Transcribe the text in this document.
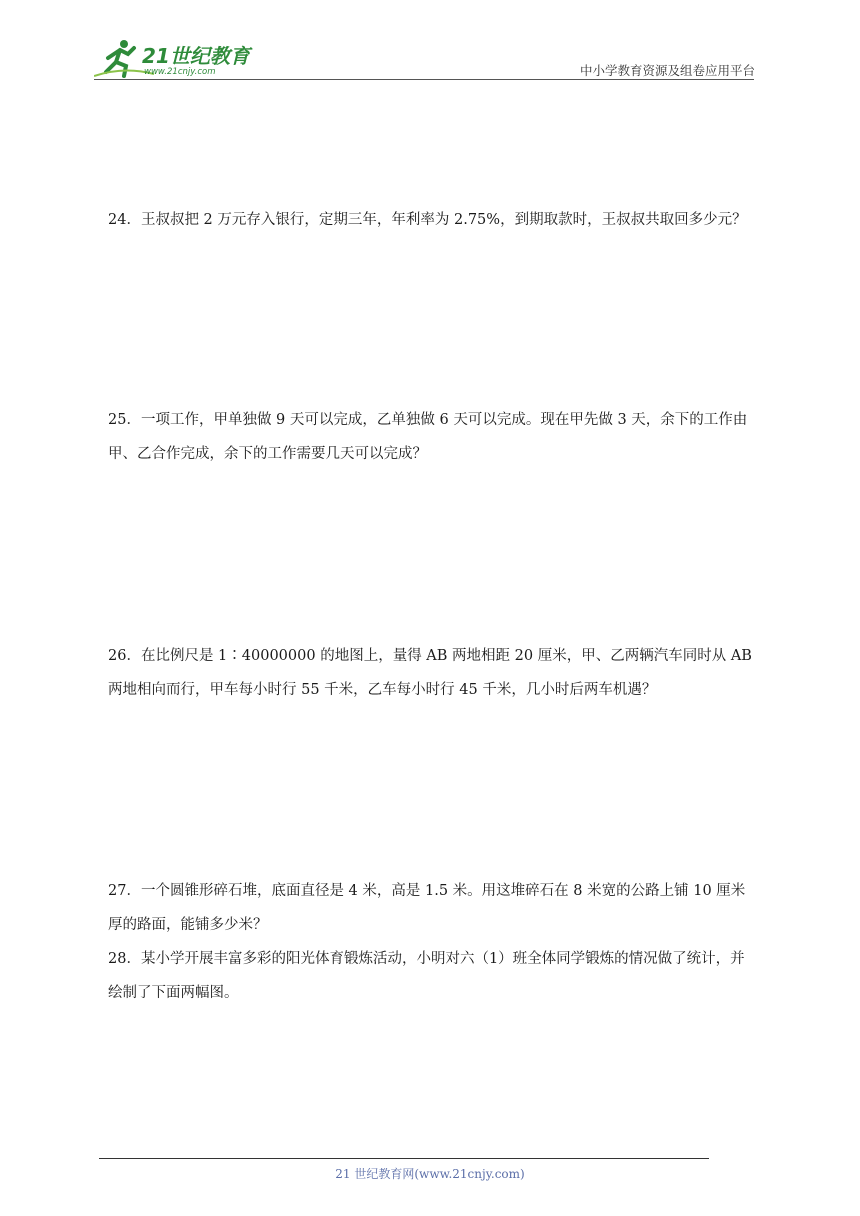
21世纪教育
www.21cnjy.com	中小学教育资源及组卷应用平台
24．王叔叔把 2 万元存入银行，定期三年，年利率为 2.75%，到期取款时，王叔叔共取回多少元？
25．一项工作，甲单独做 9 天可以完成，乙单独做 6 天可以完成。现在甲先做 3 天，余下的工作由甲、乙合作完成，余下的工作需要几天可以完成？
26．在比例尺是 1∶40000000 的地图上，量得 AB 两地相距 20 厘米，甲、乙两辆汽车同时从 AB 两地相向而行，甲车每小时行 55 千米，乙车每小时行 45 千米，几小时后两车机遇？
27．一个圆锥形碎石堆，底面直径是 4 米，高是 1.5 米。用这堆碎石在 8 米宽的公路上铺 10 厘米厚的路面，能铺多少米？
28．某小学开展丰富多彩的阳光体育锻炼活动，小明对六（1）班全体同学锻炼的情况做了统计，并绘制了下面两幅图。
21 世纪教育网(www.21cnjy.com)
